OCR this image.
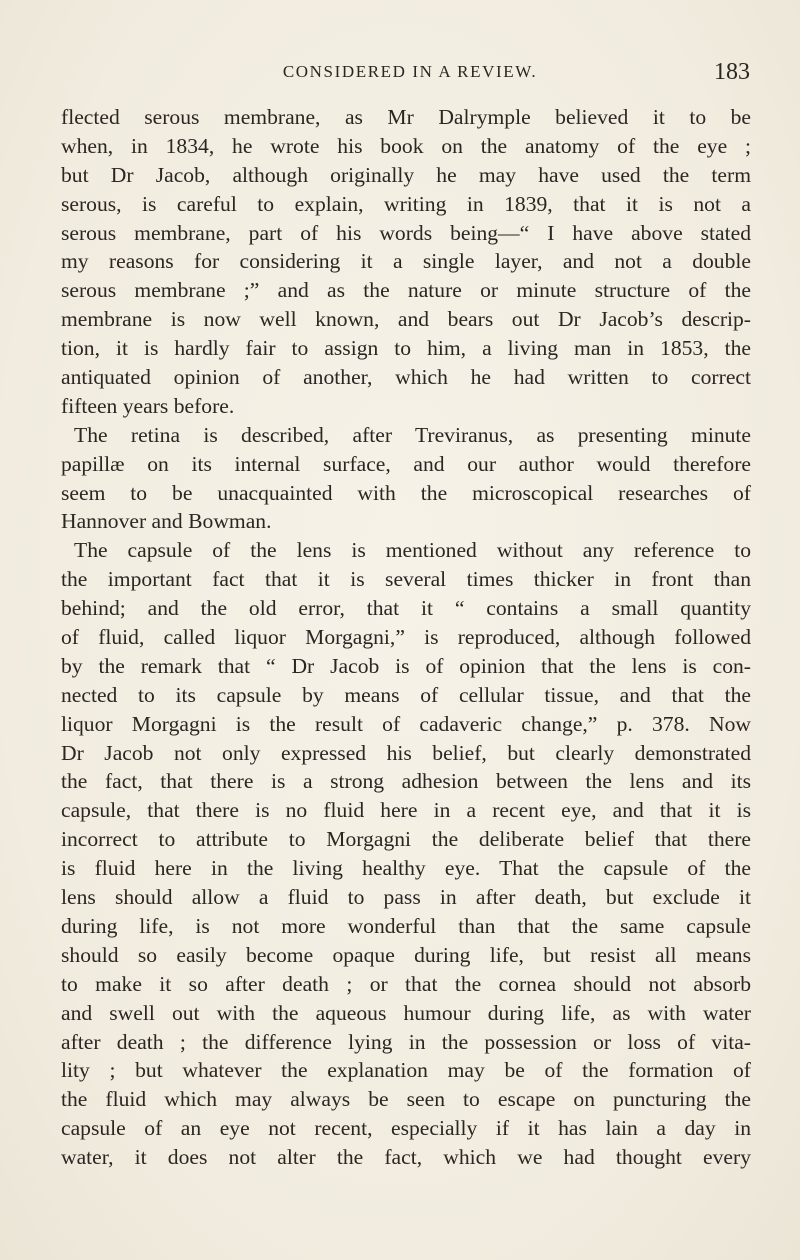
CONSIDERED IN A REVIEW.	183
flected serous membrane, as Mr Dalrymple believed it to be
when, in 1834, he wrote his book on the anatomy of the eye ;
but Dr Jacob, although originally he may have used the term
serous, is careful to explain, writing in 1839, that it is not a
serous membrane, part of his words being—“ I have above stated
my reasons for considering it a single layer, and not a double
serous membrane ;” and as the nature or minute structure of the
membrane is now well known, and bears out Dr Jacob’s descrip-
tion, it is hardly fair to assign to him, a living man in 1853, the
antiquated opinion of another, which he had written to correct
fifteen years before.
The retina is described, after Treviranus, as presenting minute
papillæ on its internal surface, and our author would therefore
seem to be unacquainted with the microscopical researches of
Hannover and Bowman.
The capsule of the lens is mentioned without any reference to
the important fact that it is several times thicker in front than
behind; and the old error, that it “ contains a small quantity
of fluid, called liquor Morgagni,” is reproduced, although followed
by the remark that “ Dr Jacob is of opinion that the lens is con-
nected to its capsule by means of cellular tissue, and that the
liquor Morgagni is the result of cadaveric change,” p. 378. Now
Dr Jacob not only expressed his belief, but clearly demonstrated
the fact, that there is a strong adhesion between the lens and its
capsule, that there is no fluid here in a recent eye, and that it is
incorrect to attribute to Morgagni the deliberate belief that there
is fluid here in the living healthy eye. That the capsule of the
lens should allow a fluid to pass in after death, but exclude it
during life, is not more wonderful than that the same capsule
should so easily become opaque during life, but resist all means
to make it so after death ; or that the cornea should not absorb
and swell out with the aqueous humour during life, as with water
after death ; the difference lying in the possession or loss of vita-
lity ; but whatever the explanation may be of the formation of
the fluid which may always be seen to escape on puncturing the
capsule of an eye not recent, especially if it has lain a day in
water, it does not alter the fact, which we had thought every
